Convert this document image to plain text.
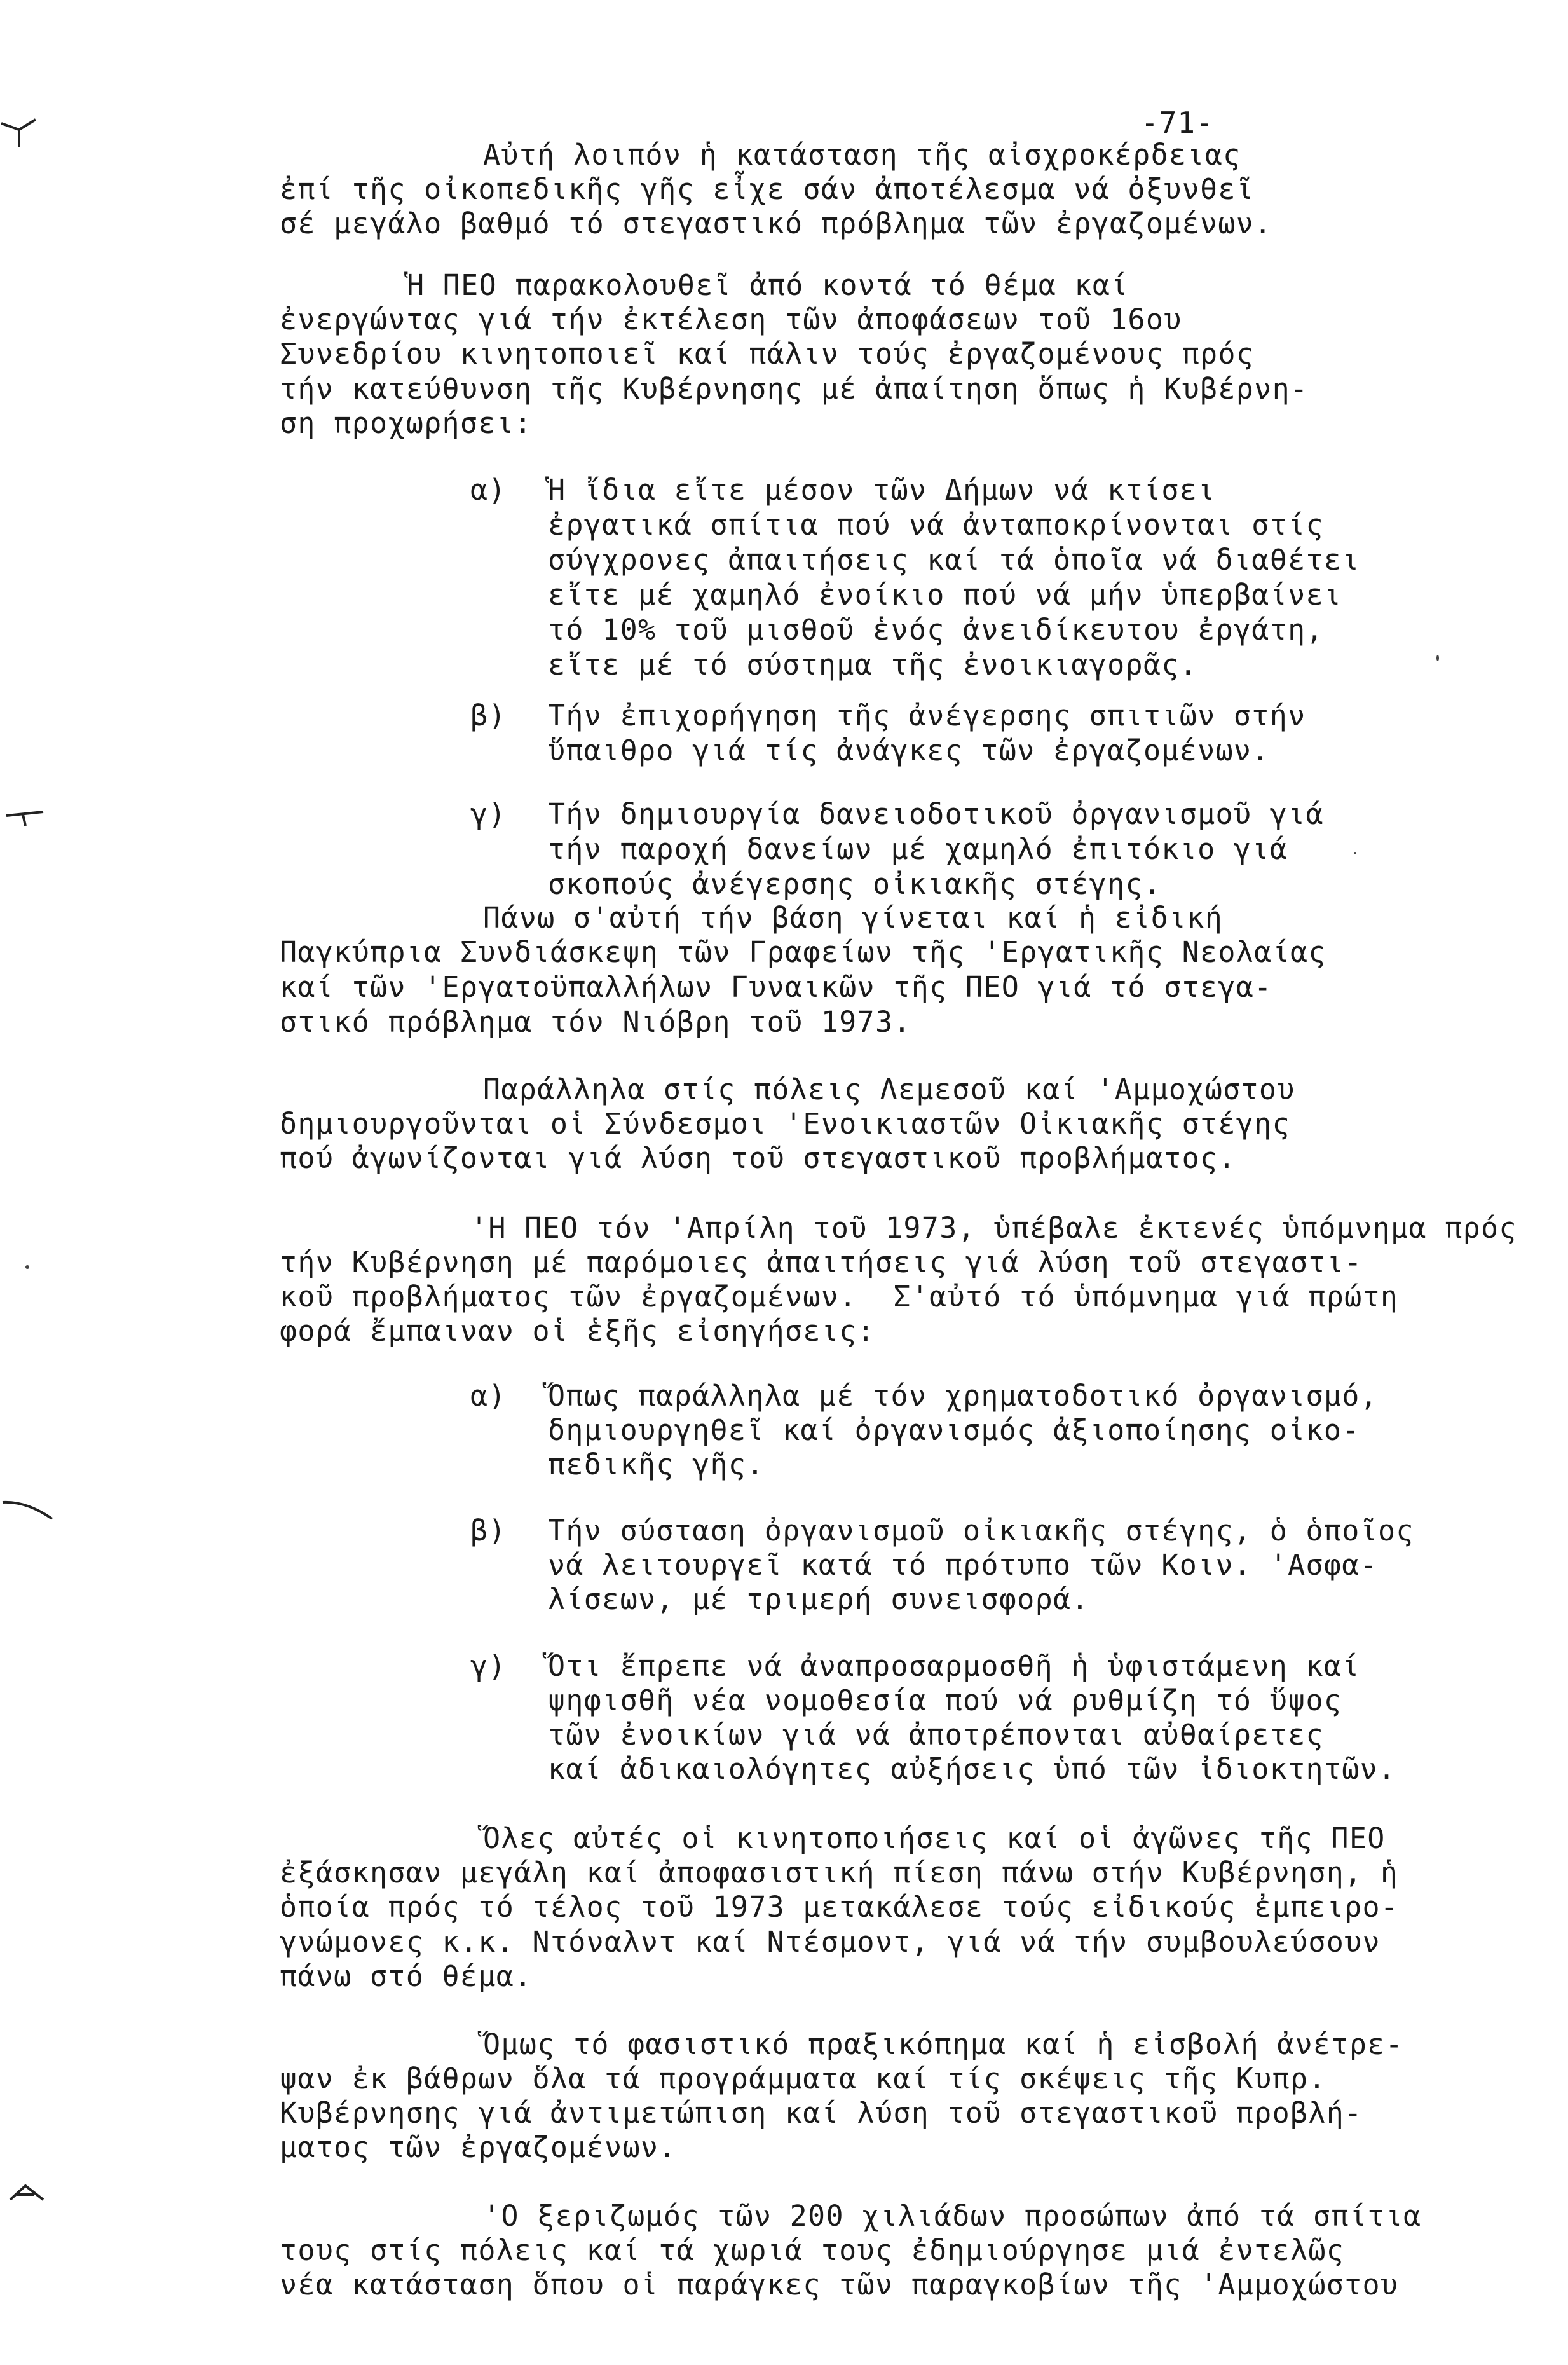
-71-
Αὐτή λοιπόν ἡ κατάσταση τῆς αἰσχροκέρδειας
ἐπί τῆς οἰκοπεδικῆς γῆς εἶχε σάν ἀποτέλεσμα νά ὀξυνθεῖ
σέ μεγάλο βαθμό τό στεγαστικό πρόβλημα τῶν ἐργαζομένων.
Ἡ ΠΕΟ παρακολουθεῖ ἀπό κοντά τό θέμα καί
ἐνεργώντας γιά τήν ἐκτέλεση τῶν ἀποφάσεων τοῦ 16ου
Συνεδρίου κινητοποιεῖ καί πάλιν τούς ἐργαζομένους πρός
τήν κατεύθυνση τῆς Κυβέρνησης μέ ἀπαίτηση ὅπως ἡ Κυβέρνη-
ση προχωρήσει:
α) Ἡ ἴδια εἴτε μέσον τῶν Δήμων νά κτίσει
ἐργατικά σπίτια πού νά ἀνταποκρίνονται στίς
σύγχρονες ἀπαιτήσεις καί τά ὁποῖα νά διαθέτει
εἴτε μέ χαμηλό ἐνοίκιο πού νά μήν ὑπερβαίνει
τό 10% τοῦ μισθοῦ ἑνός ἀνειδίκευτου ἐργάτη,
εἴτε μέ τό σύστημα τῆς ἐνοικιαγορᾶς.
β) Τήν ἐπιχορήγηση τῆς ἀνέγερσης σπιτιῶν στήν
ὕπαιθρο γιά τίς ἀνάγκες τῶν ἐργαζομένων.
γ) Τήν δημιουργία δανειοδοτικοῦ ὀργανισμοῦ γιά
τήν παροχή δανείων μέ χαμηλό ἐπιτόκιο γιά
σκοπούς ἀνέγερσης οἰκιακῆς στέγης.
Πάνω σ'αὐτή τήν βάση γίνεται καί ἡ εἰδική
Παγκύπρια Συνδιάσκεψη τῶν Γραφείων τῆς 'Εργατικῆς Νεολαίας
καί τῶν 'Εργατοϋπαλλήλων Γυναικῶν τῆς ΠΕΟ γιά τό στεγα-
στικό πρόβλημα τόν Νιόβρη τοῦ 1973.
Παράλληλα στίς πόλεις Λεμεσοῦ καί 'Αμμοχώστου
δημιουργοῦνται οἱ Σύνδεσμοι 'Ενοικιαστῶν Οἰκιακῆς στέγης
πού ἀγωνίζονται γιά λύση τοῦ στεγαστικοῦ προβλήματος.
'Η ΠΕΟ τόν 'Απρίλη τοῦ 1973, ὑπέβαλε ἐκτενές ὑπόμνημα πρός
τήν Κυβέρνηση μέ παρόμοιες ἀπαιτήσεις γιά λύση τοῦ στεγαστι-
κοῦ προβλήματος τῶν ἐργαζομένων.  Σ'αὐτό τό ὑπόμνημα γιά πρώτη
φορά ἔμπαιναν οἱ ἑξῆς εἰσηγήσεις:
α) Ὅπως παράλληλα μέ τόν χρηματοδοτικό ὀργανισμό,
δημιουργηθεῖ καί ὀργανισμός ἀξιοποίησης οἰκο-
πεδικῆς γῆς.
β) Τήν σύσταση ὀργανισμοῦ οἰκιακῆς στέγης, ὁ ὁποῖος
νά λειτουργεῖ κατά τό πρότυπο τῶν Κοιν. 'Ασφα-
λίσεων, μέ τριμερή συνεισφορά.
γ) Ὅτι ἔπρεπε νά ἀναπροσαρμοσθῆ ἡ ὑφιστάμενη καί
ψηφισθῆ νέα νομοθεσία πού νά ρυθμίζη τό ὕψος
τῶν ἐνοικίων γιά νά ἀποτρέπονται αὐθαίρετες
καί ἀδικαιολόγητες αὐξήσεις ὑπό τῶν ἰδιοκτητῶν.
Ὅλες αὐτές οἱ κινητοποιήσεις καί οἱ ἀγῶνες τῆς ΠΕΟ
ἐξάσκησαν μεγάλη καί ἀποφασιστική πίεση πάνω στήν Κυβέρνηση, ἡ
ὁποία πρός τό τέλος τοῦ 1973 μετακάλεσε τούς εἰδικούς ἐμπειρο-
γνώμονες κ.κ. Ντόναλντ καί Ντέσμοντ, γιά νά τήν συμβουλεύσουν
πάνω στό θέμα.
Ὅμως τό φασιστικό πραξικόπημα καί ἡ εἰσβολή ἀνέτρε-
ψαν ἐκ βάθρων ὅλα τά προγράμματα καί τίς σκέψεις τῆς Κυπρ.
Κυβέρνησης γιά ἀντιμετώπιση καί λύση τοῦ στεγαστικοῦ προβλή-
ματος τῶν ἐργαζομένων.
'Ο ξεριζωμός τῶν 200 χιλιάδων προσώπων ἀπό τά σπίτια
τους στίς πόλεις καί τά χωριά τους ἐδημιούργησε μιά ἐντελῶς
νέα κατάσταση ὅπου οἱ παράγκες τῶν παραγκοβίων τῆς 'Αμμοχώστου
